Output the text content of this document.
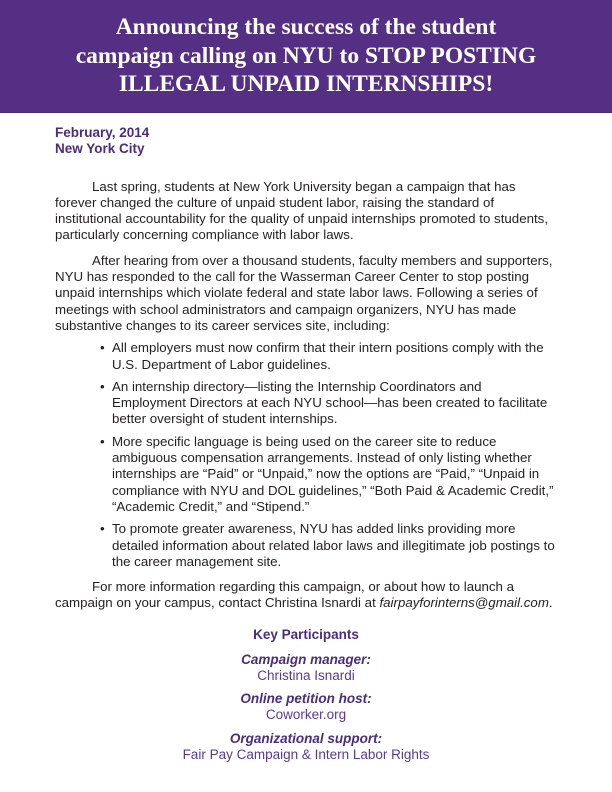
Announcing the success of the student
campaign calling on NYU to STOP POSTING
ILLEGAL UNPAID INTERNSHIPS!
February, 2014
New York City

Last spring, students at New York University began a campaign that has forever changed the culture of unpaid student labor, raising the standard of institutional accountability for the quality of unpaid internships promoted to students, particularly concerning compliance with labor laws.

After hearing from over a thousand students, faculty members and supporters, NYU has responded to the call for the Wasserman Career Center to stop posting unpaid internships which violate federal and state labor laws. Following a series of meetings with school administrators and campaign organizers, NYU has made substantive changes to its career services site, including:

• All employers must now confirm that their intern positions comply with the U.S. Department of Labor guidelines.
• An internship directory—listing the Internship Coordinators and Employment Directors at each NYU school—has been created to facilitate better oversight of student internships.
• More specific language is being used on the career site to reduce ambiguous compensation arrangements. Instead of only listing whether internships are “Paid” or “Unpaid,” now the options are “Paid,” “Unpaid in compliance with NYU and DOL guidelines,” “Both Paid & Academic Credit,” “Academic Credit,” and “Stipend.”
• To promote greater awareness, NYU has added links providing more detailed information about related labor laws and illegitimate job postings to the career management site.

For more information regarding this campaign, or about how to launch a campaign on your campus, contact Christina Isnardi at fairpayforinterns@gmail.com.

Key Participants
Campaign manager:
Christina Isnardi
Online petition host:
Coworker.org
Organizational support:
Fair Pay Campaign & Intern Labor Rights
